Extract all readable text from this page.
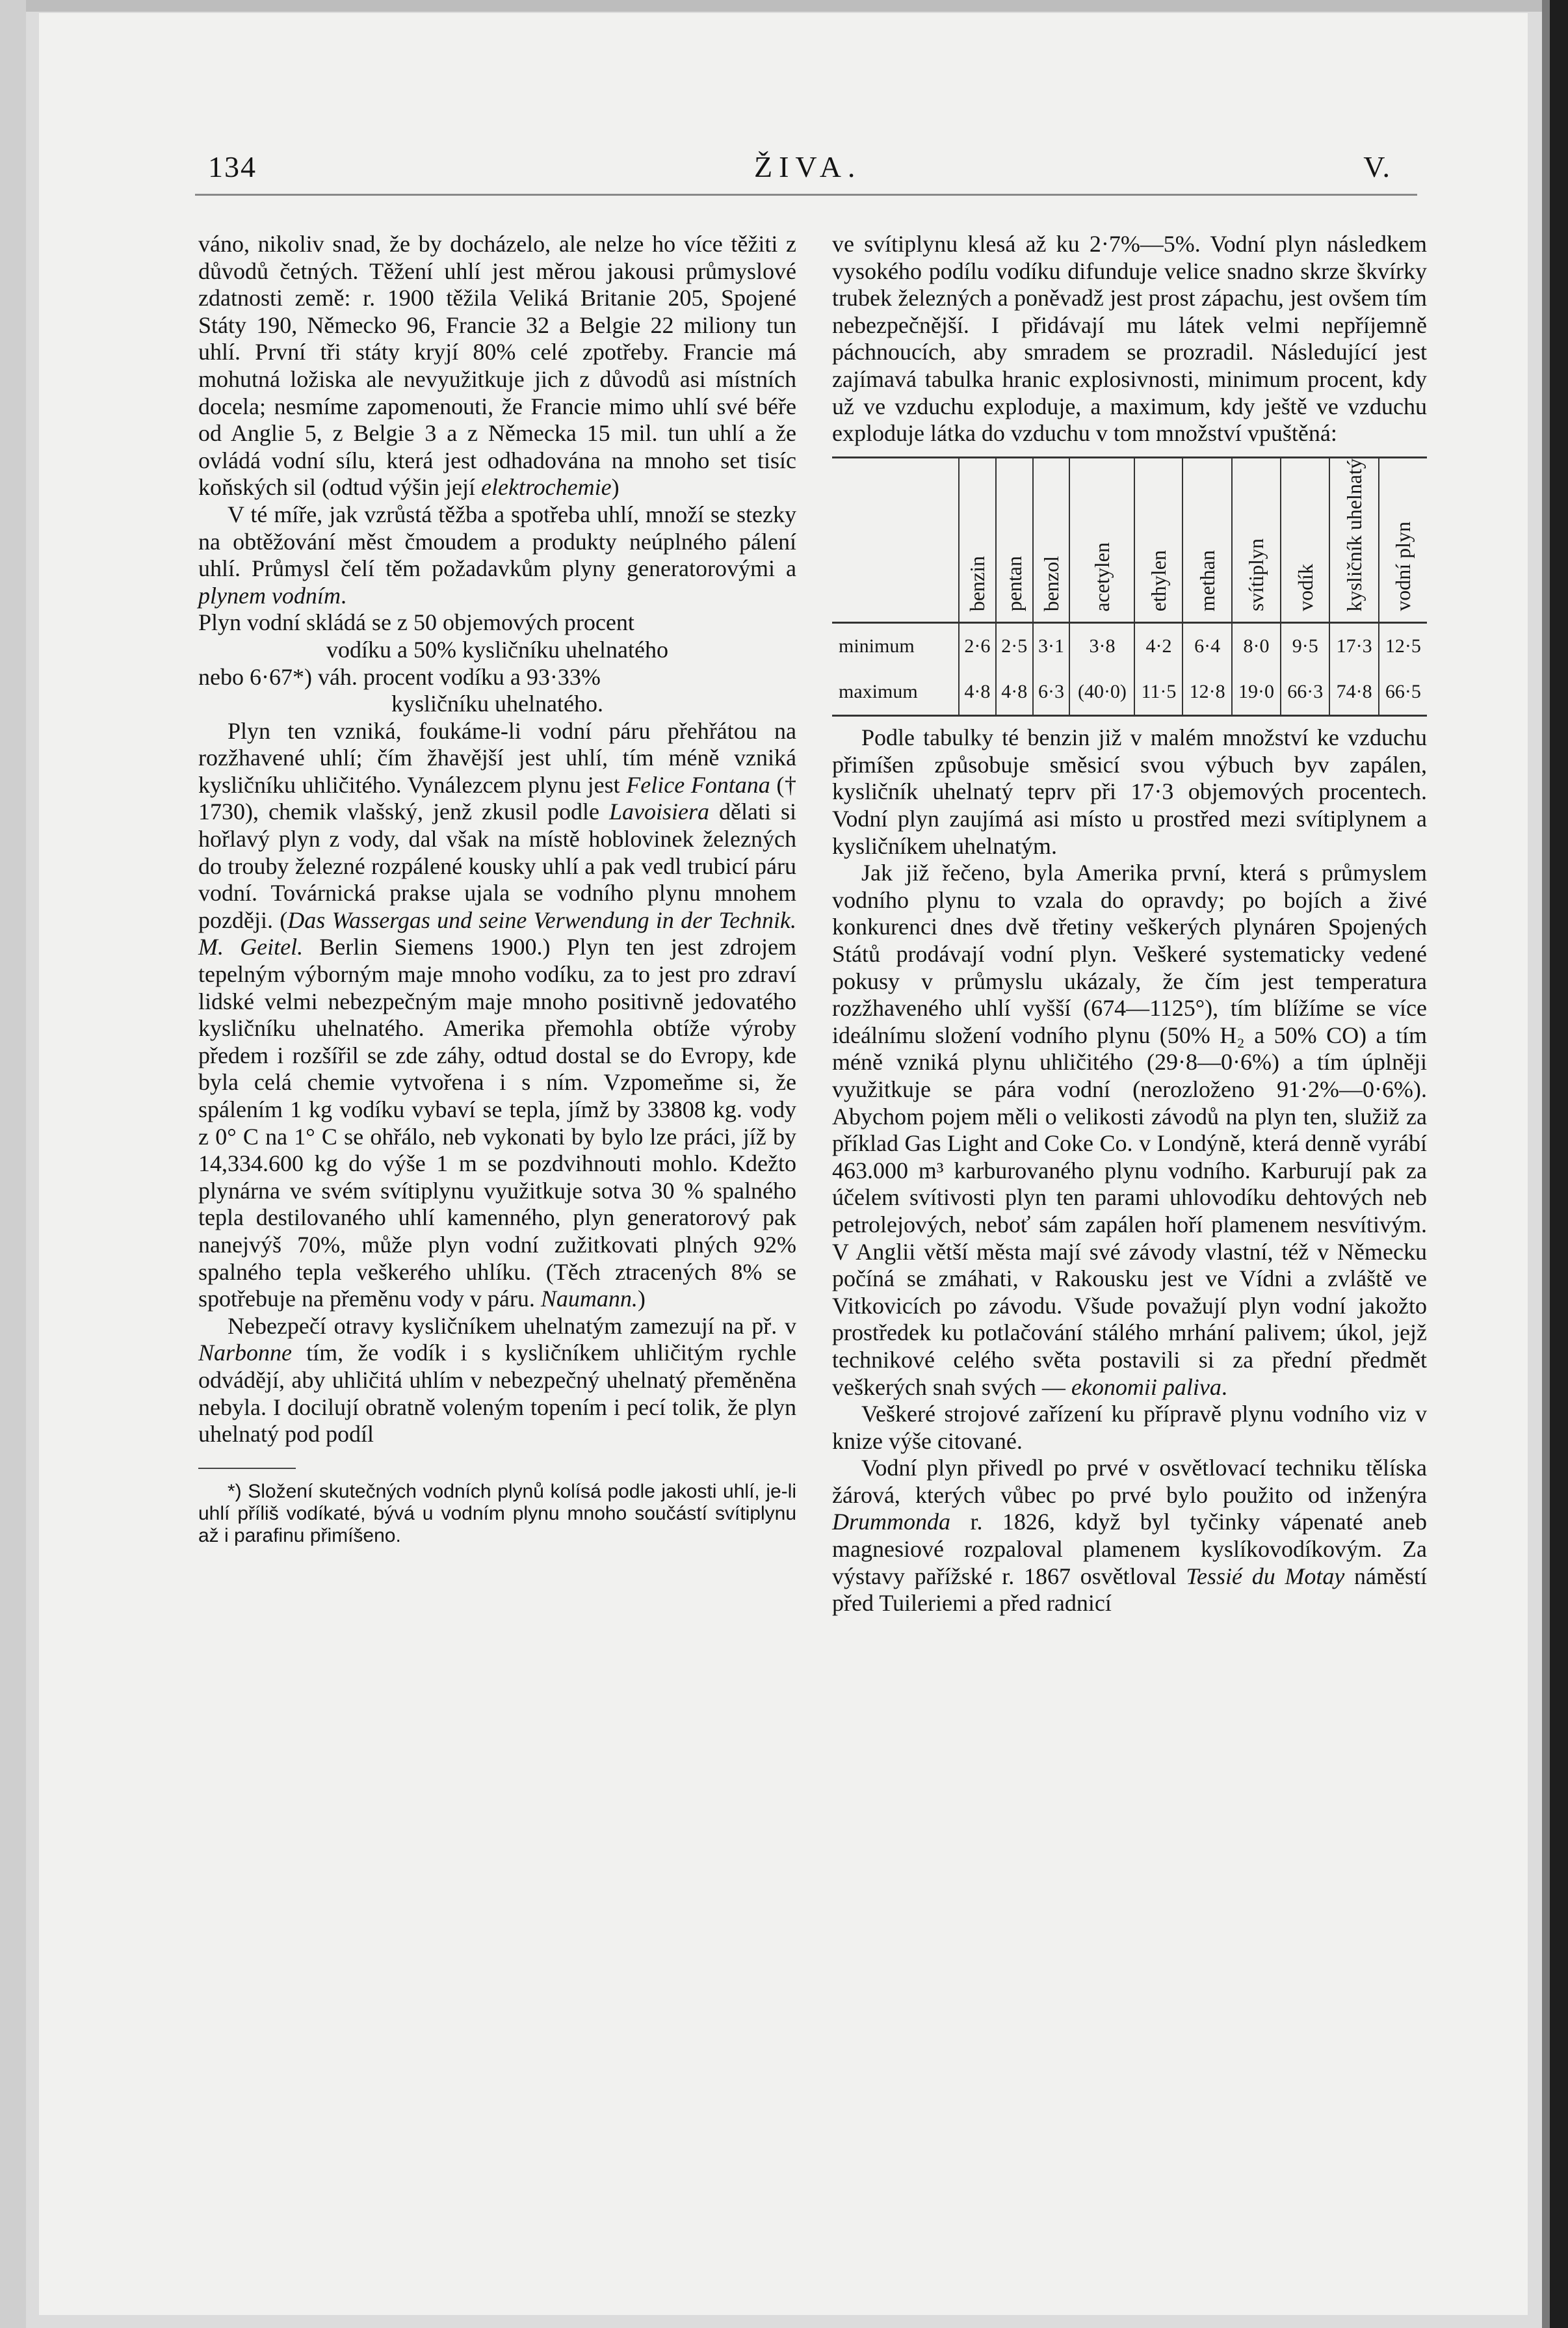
134	ŽIVA.	V.

váno, nikoliv snad, že by docházelo, ale nelze ho více těžiti z důvodů četných. Těžení uhlí jest měrou jakousi průmyslové zdatnosti země: r. 1900 těžila Veliká Britanie 205, Spojené Státy 190, Německo 96, Francie 32 a Belgie 22 miliony tun uhlí. První tři státy kryjí 80% celé zpotřeby. Francie má mohutná ložiska ale nevyužitkuje jich z důvodů asi místních docela; nesmíme zapomenouti, že Francie mimo uhlí své béře od Anglie 5, z Belgie 3 a z Německa 15 mil. tun uhlí a že ovládá vodní sílu, která jest odhadována na mnoho set tisíc koňských sil (odtud výšin její elektrochemie)

V té míře, jak vzrůstá těžba a spotřeba uhlí, množí se stezky na obtěžování měst čmoudem a produkty neúplného pálení uhlí. Průmysl čelí těm požadavkům plyny generatorovými a plynem vodním.

Plyn vodní skládá se z 50 objemových procent

vodíku a 50% kysličníku uhelnatého

nebo 6·67*) váh. procent vodíku a 93·33%

kysličníku uhelnatého.

Plyn ten vzniká, foukáme-li vodní páru přehřátou na rozžhavené uhlí; čím žhavější jest uhlí, tím méně vzniká kysličníku uhličitého. Vynálezcem plynu jest Felice Fontana († 1730), chemik vlašský, jenž zkusil podle Lavoisiera dělati si hořlavý plyn z vody, dal však na místě hoblovinek železných do trouby železné rozpálené kousky uhlí a pak vedl trubicí páru vodní. Továrnická prakse ujala se vodního plynu mnohem později. (Das Wassergas und seine Verwendung in der Technik. M. Geitel. Berlin Siemens 1900.) Plyn ten jest zdrojem tepelným výborným maje mnoho vodíku, za to jest pro zdraví lidské velmi nebezpečným maje mnoho positivně jedovatého kysličníku uhelnatého. Amerika přemohla obtíže výroby předem i rozšířil se zde záhy, odtud dostal se do Evropy, kde byla celá chemie vytvořena i s ním. Vzpomeňme si, že spálením 1 kg vodíku vybaví se tepla, jímž by 33808 kg. vody z 0° C na 1° C se ohřálo, neb vykonati by bylo lze práci, jíž by 14,334.600 kg do výše 1 m se pozdvihnouti mohlo. Kdežto plynárna ve svém svítiplynu využitkuje sotva 30 % spalného tepla destilovaného uhlí kamenného, plyn generatorový pak nanejvýš 70%, může plyn vodní zužitkovati plných 92% spalného tepla veškerého uhlíku. (Těch ztracených 8% se spotřebuje na přeměnu vody v páru. Naumann.)

Nebezpečí otravy kysličníkem uhelnatým zamezují na př. v Narbonne tím, že vodík i s kysličníkem uhličitým rychle odvádějí, aby uhličitá uhlím v nebezpečný uhelnatý přeměněna nebyla. I docilují obratně voleným topením i pecí tolik, že plyn uhelnatý pod podíl

*) Složení skutečných vodních plynů kolísá podle jakosti uhlí, je-li uhlí příliš vodíkaté, bývá u vodním plynu mnoho součástí svítiplynu až i parafinu přimíšeno.

ve svítiplynu klesá až ku 2·7%—5%. Vodní plyn následkem vysokého podílu vodíku difunduje velice snadno skrze škvírky trubek železných a poněvadž jest prost zápachu, jest ovšem tím nebezpečnější. I přidávají mu látek velmi nepříjemně páchnoucích, aby smradem se prozradil. Následující jest zajímavá tabulka hranic explosivnosti, minimum procent, kdy už ve vzduchu exploduje, a maximum, kdy ještě ve vzduchu exploduje látka do vzduchu v tom množství vpuštěná:

	benzin	pentan	benzol	acetylen	ethylen	methan	svítiplyn	vodík	kysličník uhelnatý	vodní plyn
minimum	2·6	2·5	3·1	3·8	4·2	6·4	8·0	9·5	17·3	12·5
maximum	4·8	4·8	6·3	(40·0)	11·5	12·8	19·0	66·3	74·8	66·5

Podle tabulky té benzin již v malém množství ke vzduchu přimíšen způsobuje směsicí svou výbuch byv zapálen, kysličník uhelnatý teprv při 17·3 objemových procentech. Vodní plyn zaujímá asi místo u prostřed mezi svítiplynem a kysličníkem uhelnatým.

Jak již řečeno, byla Amerika první, která s průmyslem vodního plynu to vzala do opravdy; po bojích a živé konkurenci dnes dvě třetiny veškerých plynáren Spojených Států prodávají vodní plyn. Veškeré systematicky vedené pokusy v průmyslu ukázaly, že čím jest temperatura rozžhaveného uhlí vyšší (674—1125°), tím blížíme se více ideálnímu složení vodního plynu (50% H₂ a 50% CO) a tím méně vzniká plynu uhličitého (29·8—0·6%) a tím úplněji využitkuje se pára vodní (nerozloženo 91·2%—0·6%). Abychom pojem měli o velikosti závodů na plyn ten, služiž za příklad Gas Light and Coke Co. v Londýně, která denně vyrábí 463.000 m³ karburovaného plynu vodního. Karburují pak za účelem svítivosti plyn ten parami uhlovodíku dehtových neb petrolejových, neboť sám zapálen hoří plamenem nesvítivým. V Anglii větší města mají své závody vlastní, též v Německu počíná se zmáhati, v Rakousku jest ve Vídni a zvláště ve Vitkovicích po závodu. Všude považují plyn vodní jakožto prostředek ku potlačování stálého mrhání palivem; úkol, jejž technikové celého světa postavili si za přední předmět veškerých snah svých — ekonomii paliva.

Veškeré strojové zařízení ku přípravě plynu vodního viz v knize výše citované.

Vodní plyn přivedl po prvé v osvětlovací techniku tělíska žárová, kterých vůbec po prvé bylo použito od inženýra Drummonda r. 1826, když byl tyčinky vápenaté aneb magnesiové rozpaloval plamenem kyslíkovodíkovým. Za výstavy pařížské r. 1867 osvětloval Tessié du Motay náměstí před Tuileriemi a před radnicí
